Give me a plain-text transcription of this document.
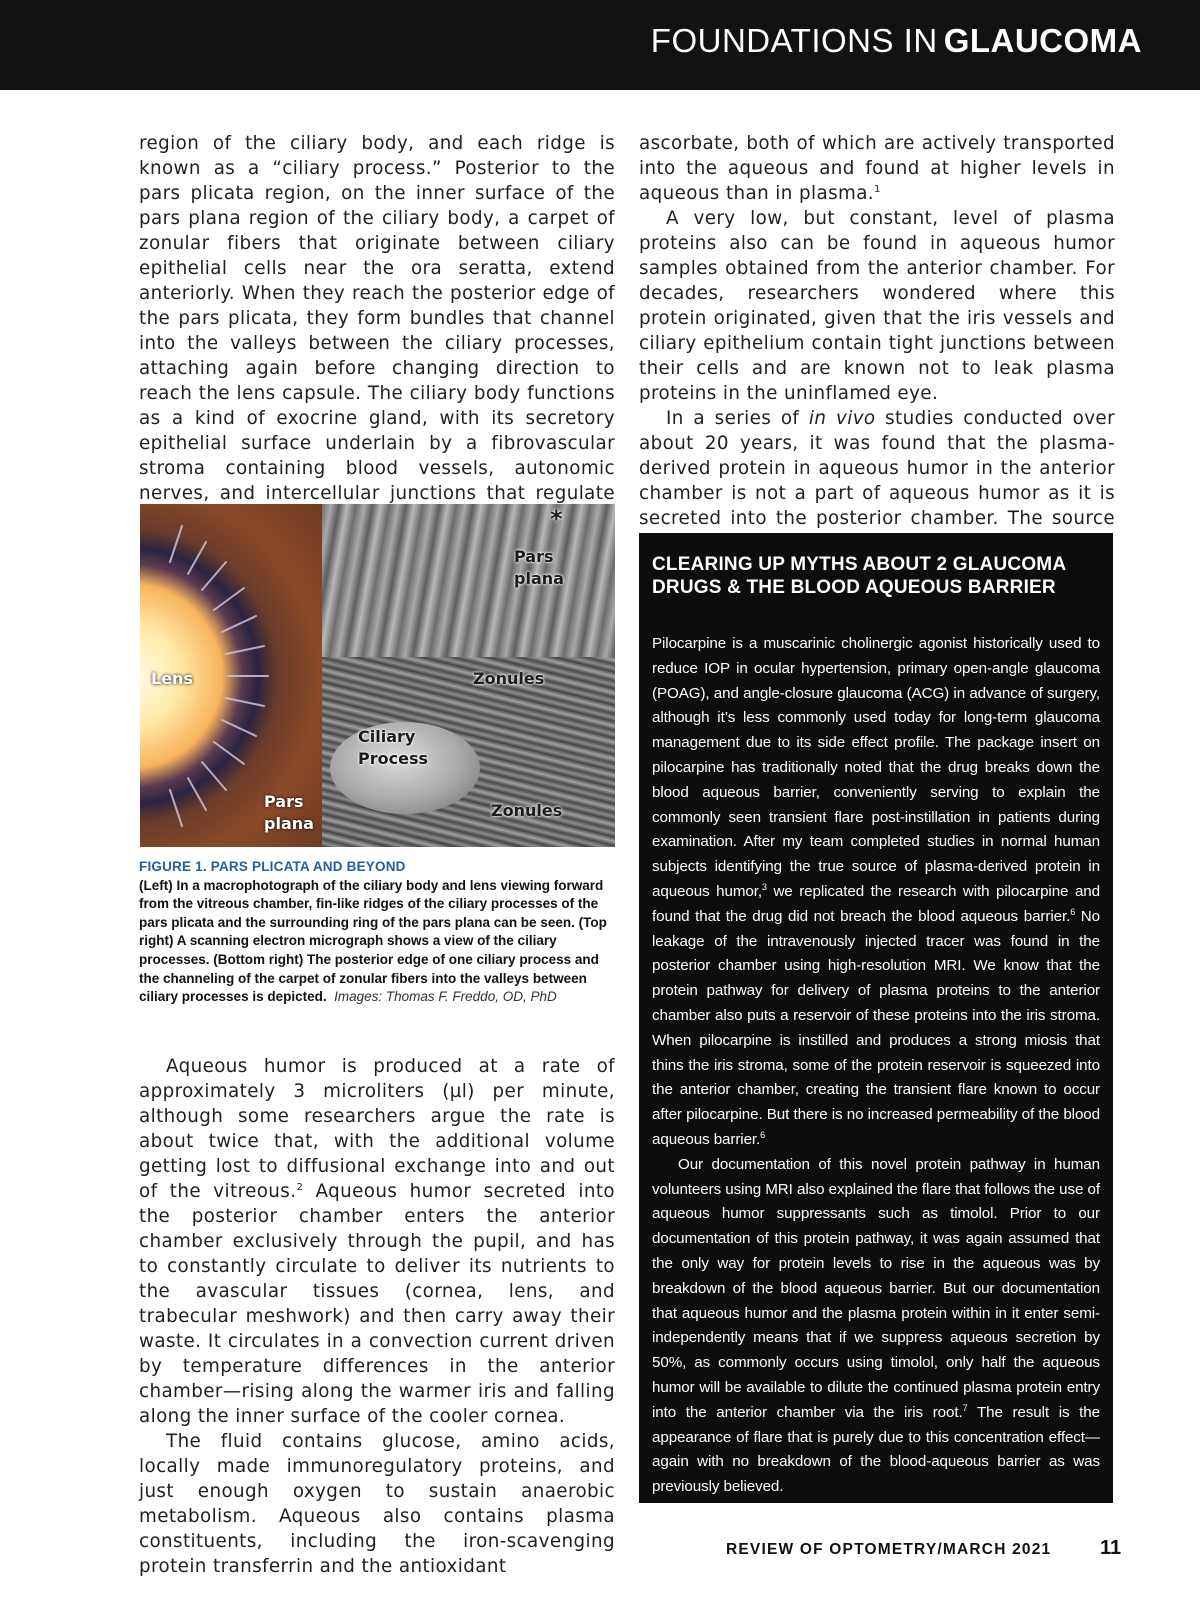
FOUNDATIONS IN GLAUCOMA

region of the ciliary body, and each ridge is known as a “ciliary process.” Posterior to the pars plicata region, on the inner surface of the pars plana region of the ciliary body, a carpet of zonular fibers that originate between ciliary epithelial cells near the ora seratta, extend anteriorly. When they reach the posterior edge of the pars plicata, they form bundles that channel into the valleys between the ciliary processes, attaching again before changing direction to reach the lens capsule. The ciliary body functions as a kind of exocrine gland, with its secretory epithelial surface underlain by a fibrovascular stroma containing blood vessels, autonomic nerves, and intercellular junctions that regulate

ascorbate, both of which are actively transported into the aqueous and found at higher levels in aqueous than in plasma.$^1$

A very low, but constant, level of plasma proteins also can be found in aqueous humor samples obtained from the anterior chamber. For decades, researchers wondered where this protein originated, given that the iris vessels and ciliary epithelium contain tight junctions between their cells and are known not to leak plasma proteins in the uninflamed eye.

In a series of in vivo studies conducted over about 20 years, it was found that the plasma-derived protein in aqueous humor in the anterior chamber is not a part of aqueous humor as it is secreted into the posterior chamber. The source

Lens
Pars plana
Pars plana
Zonules
Ciliary Process
Zonules
*
FIGURE 1. PARS PLICATA AND BEYOND
(Left) In a macrophotograph of the ciliary body and lens viewing forward from the vitreous chamber, fin-like ridges of the ciliary processes of the pars plicata and the surrounding ring of the pars plana can be seen. (Top right) A scanning electron micrograph shows a view of the ciliary processes. (Bottom right) The posterior edge of one ciliary process and the channeling of the carpet of zonular fibers into the valleys between ciliary processes is depicted. Images: Thomas F. Freddo, OD, PhD

Aqueous humor is produced at a rate of approximately 3 microliters (µl) per minute, although some researchers argue the rate is about twice that, with the additional volume getting lost to diffusional exchange into and out of the vitreous.$^2$ Aqueous humor secreted into the posterior chamber enters the anterior chamber exclusively through the pupil, and has to constantly circulate to deliver its nutrients to the avascular tissues (cornea, lens, and trabecular meshwork) and then carry away their waste. It circulates in a convection current driven by temperature differences in the anterior chamber—rising along the warmer iris and falling along the inner surface of the cooler cornea.

The fluid contains glucose, amino acids, locally made immunoregulatory proteins, and just enough oxygen to sustain anaerobic metabolism. Aqueous also contains plasma constituents, including the iron-scavenging protein transferrin and the antioxidant

CLEARING UP MYTHS ABOUT 2 GLAUCOMA DRUGS & THE BLOOD AQUEOUS BARRIER

Pilocarpine is a muscarinic cholinergic agonist historically used to reduce IOP in ocular hypertension, primary open-angle glaucoma (POAG), and angle-closure glaucoma (ACG) in advance of surgery, although it’s less commonly used today for long-term glaucoma management due to its side effect profile. The package insert on pilocarpine has traditionally noted that the drug breaks down the blood aqueous barrier, conveniently serving to explain the commonly seen transient flare post-instillation in patients during examination. After my team completed studies in normal human subjects identifying the true source of plasma-derived protein in aqueous humor,$^3$ we replicated the research with pilocarpine and found that the drug did not breach the blood aqueous barrier.$^6$ No leakage of the intravenously injected tracer was found in the posterior chamber using high-resolution MRI. We know that the protein pathway for delivery of plasma proteins to the anterior chamber also puts a reservoir of these proteins into the iris stroma. When pilocarpine is instilled and produces a strong miosis that thins the iris stroma, some of the protein reservoir is squeezed into the anterior chamber, creating the transient flare known to occur after pilocarpine. But there is no increased permeability of the blood aqueous barrier.$^6$

Our documentation of this novel protein pathway in human volunteers using MRI also explained the flare that follows the use of aqueous humor suppressants such as timolol. Prior to our documentation of this protein pathway, it was again assumed that the only way for protein levels to rise in the aqueous was by breakdown of the blood aqueous barrier. But our documentation that aqueous humor and the plasma protein within in it enter semi-independently means that if we suppress aqueous secretion by 50%, as commonly occurs using timolol, only half the aqueous humor will be available to dilute the continued plasma protein entry into the anterior chamber via the iris root.$^7$ The result is the appearance of flare that is purely due to this concentration effect—again with no breakdown of the blood-aqueous barrier as was previously believed.

REVIEW OF OPTOMETRY/MARCH 2021 11
